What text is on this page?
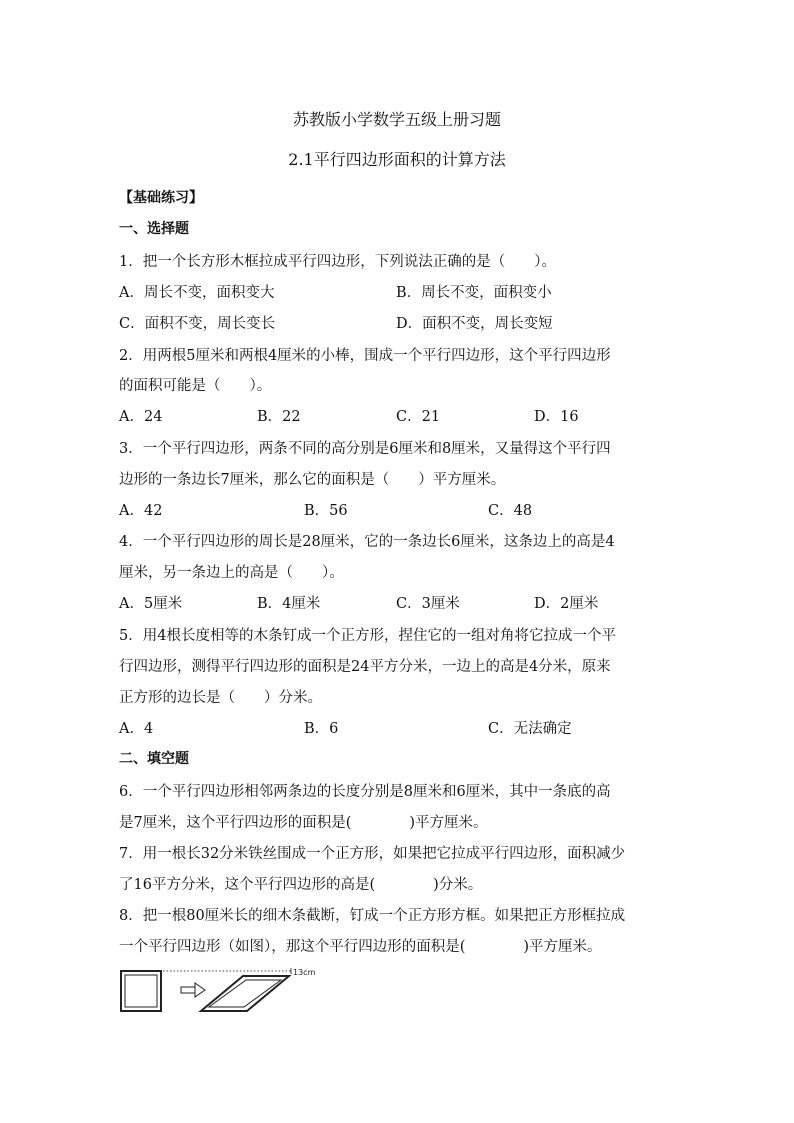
苏教版小学数学五级上册习题
2.1平行四边形面积的计算方法
【基础练习】
一、选择题
1．把一个长方形木框拉成平行四边形，下列说法正确的是（　　）。
A．周长不变，面积变大	B．周长不变，面积变小
C．面积不变，周长变长	D．面积不变，周长变短
2．用两根5厘米和两根4厘米的小棒，围成一个平行四边形，这个平行四边形
的面积可能是（　　）。
A．24	B．22	C．21	D．16
3．一个平行四边形，两条不同的高分别是6厘米和8厘米，又量得这个平行四
边形的一条边长7厘米，那么它的面积是（　　）平方厘米。
A．42	B．56	C．48
4．一个平行四边形的周长是28厘米，它的一条边长6厘米，这条边上的高是4
厘米，另一条边上的高是（　　）。
A．5厘米	B．4厘米	C．3厘米	D．2厘米
5．用4根长度相等的木条钉成一个正方形，捏住它的一组对角将它拉成一个平
行四边形，测得平行四边形的面积是24平方分米，一边上的高是4分米，原来
正方形的边长是（　　）分米。
A．4	B．6	C．无法确定
二、填空题
6．一个平行四边形相邻两条边的长度分别是8厘米和6厘米，其中一条底的高
是7厘米，这个平行四边形的面积是(　　　　)平方厘米。
7．用一根长32分米铁丝围成一个正方形，如果把它拉成平行四边形，面积减少
了16平方分米，这个平行四边形的高是(　　　　)分米。
8．把一根80厘米长的细木条截断，钉成一个正方形方框。如果把正方形框拉成
一个平行四边形（如图），那这个平行四边形的面积是(　　　　)平方厘米。
13cm
